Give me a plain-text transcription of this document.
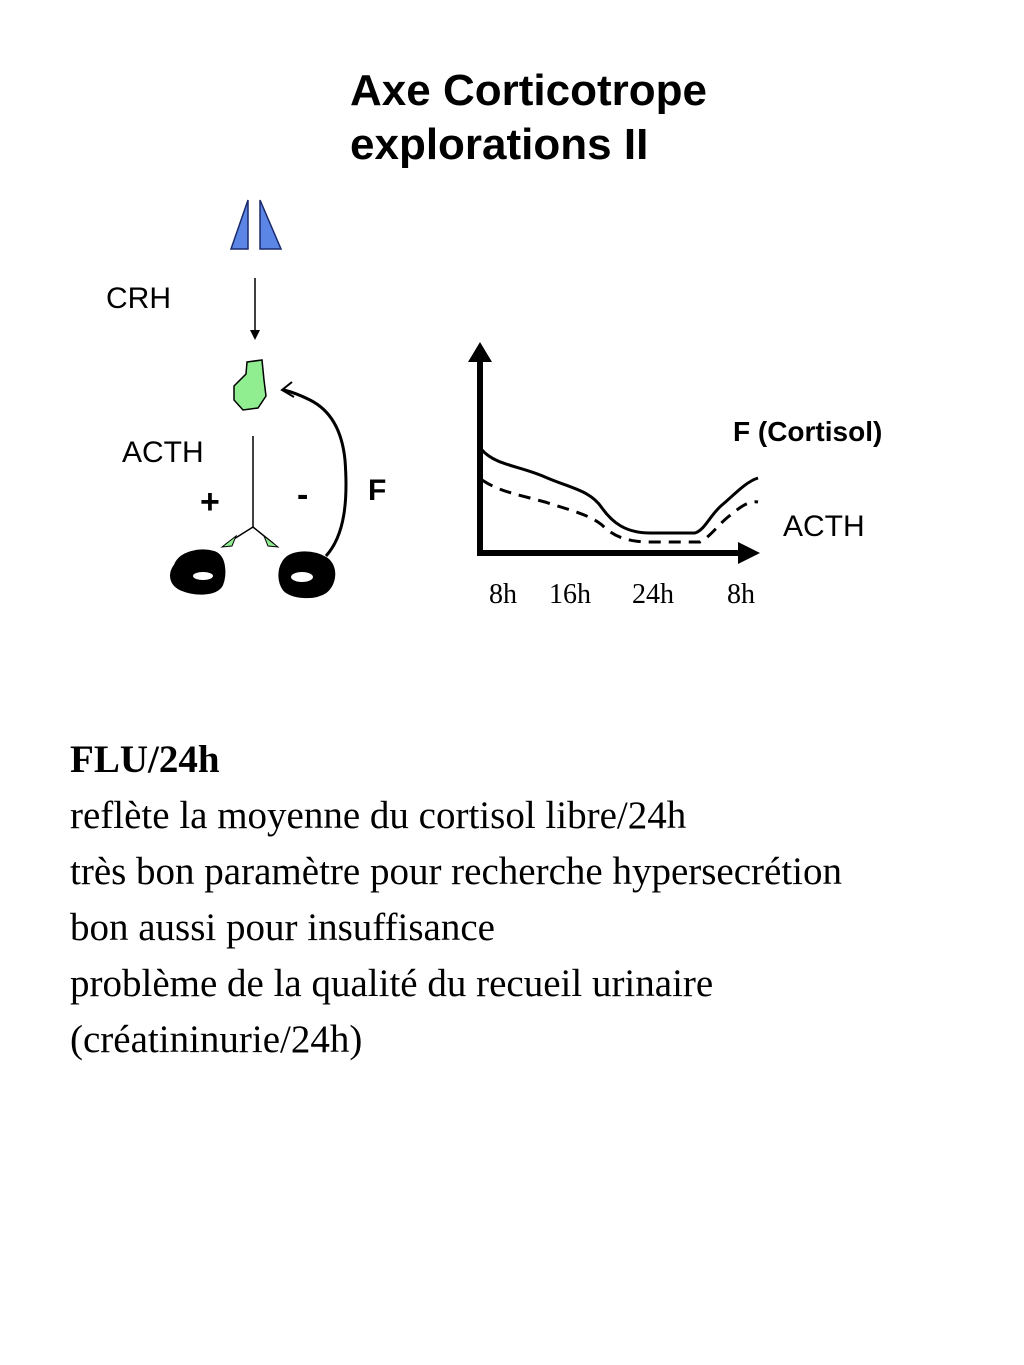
Axe Corticotrope
explorations II
CRH
ACTH
+ - F
F (Cortisol)
ACTH
8h 16h 24h 8h
FLU/24h
reflète la moyenne du cortisol libre/24h
très bon paramètre pour recherche hypersecrétion
bon aussi pour insuffisance
problème de la qualité du recueil urinaire
(créatininurie/24h)
